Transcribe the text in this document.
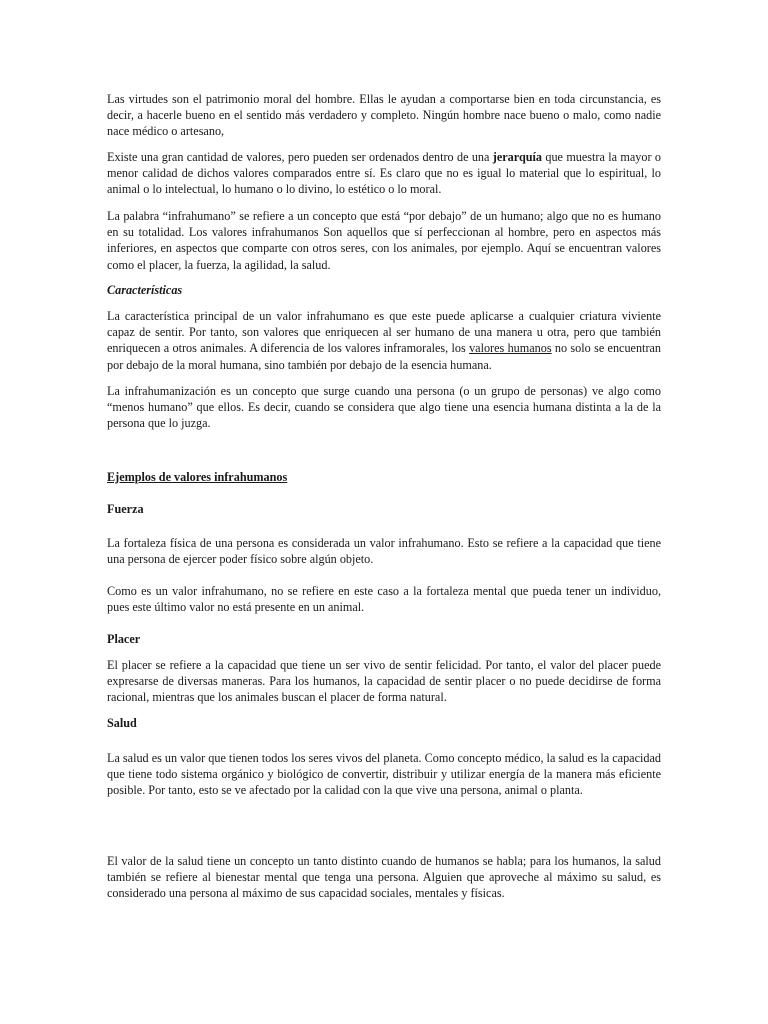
Las virtudes son el patrimonio moral del hombre. Ellas le ayudan a comportarse bien en toda circunstancia, es decir, a hacerle bueno en el sentido más verdadero y completo. Ningún hombre nace bueno o malo, como nadie nace médico o artesano,

Existe una gran cantidad de valores, pero pueden ser ordenados dentro de una jerarquía que muestra la mayor o menor calidad de dichos valores comparados entre sí. Es claro que no es igual lo material que lo espiritual, lo animal o lo intelectual, lo humano o lo divino, lo estético o lo moral.

La palabra “infrahumano” se refiere a un concepto que está “por debajo” de un humano; algo que no es humano en su totalidad. Los valores infrahumanos Son aquellos que sí perfeccionan al hombre, pero en aspectos más inferiores, en aspectos que comparte con otros seres, con los animales, por ejemplo. Aquí se encuentran valores como el placer, la fuerza, la agilidad, la salud.

Características

La característica principal de un valor infrahumano es que este puede aplicarse a cualquier criatura viviente capaz de sentir. Por tanto, son valores que enriquecen al ser humano de una manera u otra, pero que también enriquecen a otros animales. A diferencia de los valores inframorales, los valores humanos no solo se encuentran por debajo de la moral humana, sino también por debajo de la esencia humana.

La infrahumanización es un concepto que surge cuando una persona (o un grupo de personas) ve algo como “menos humano” que ellos. Es decir, cuando se considera que algo tiene una esencia humana distinta a la de la persona que lo juzga.

Ejemplos de valores infrahumanos

Fuerza

La fortaleza física de una persona es considerada un valor infrahumano. Esto se refiere a la capacidad que tiene una persona de ejercer poder físico sobre algún objeto.

Como es un valor infrahumano, no se refiere en este caso a la fortaleza mental que pueda tener un individuo, pues este último valor no está presente en un animal.

Placer

El placer se refiere a la capacidad que tiene un ser vivo de sentir felicidad. Por tanto, el valor del placer puede expresarse de diversas maneras. Para los humanos, la capacidad de sentir placer o no puede decidirse de forma racional, mientras que los animales buscan el placer de forma natural.

Salud

La salud es un valor que tienen todos los seres vivos del planeta. Como concepto médico, la salud es la capacidad que tiene todo sistema orgánico y biológico de convertir, distribuir y utilizar energía de la manera más eficiente posible. Por tanto, esto se ve afectado por la calidad con la que vive una persona, animal o planta.

El valor de la salud tiene un concepto un tanto distinto cuando de humanos se habla; para los humanos, la salud también se refiere al bienestar mental que tenga una persona. Alguien que aproveche al máximo su salud, es considerado una persona al máximo de sus capacidad sociales, mentales y físicas.
